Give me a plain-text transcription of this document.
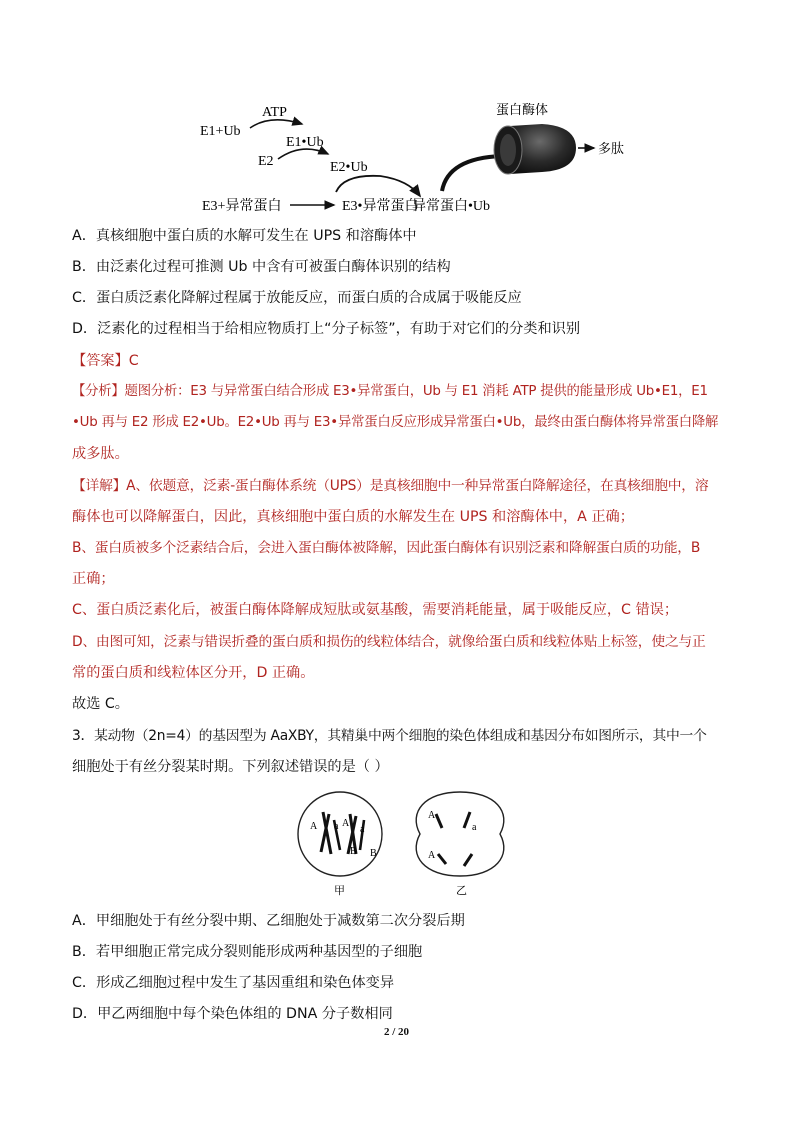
E1+Ub
ATP
E1•Ub
E2	E2•Ub
E3+异常蛋白	E3•异常蛋白
异常蛋白•Ub
蛋白酶体
多肽
A．真核细胞中蛋白质的水解可发生在 UPS 和溶酶体中
B．由泛素化过程可推测 Ub 中含有可被蛋白酶体识别的结构
C．蛋白质泛素化降解过程属于放能反应，而蛋白质的合成属于吸能反应
D．泛素化的过程相当于给相应物质打上“分子标签”，有助于对它们的分类和识别
【答案】C
【分析】题图分析：E3 与异常蛋白结合形成 E3•异常蛋白，Ub 与 E1 消耗 ATP 提供的能量形成 Ub•E1，E1
•Ub 再与 E2 形成 E2•Ub。E2•Ub 再与 E3•异常蛋白反应形成异常蛋白•Ub，最终由蛋白酶体将异常蛋白降解
成多肽。
【详解】A、依题意，泛素-蛋白酶体系统（UPS）是真核细胞中一种异常蛋白降解途径，在真核细胞中，溶
酶体也可以降解蛋白，因此，真核细胞中蛋白质的水解发生在 UPS 和溶酶体中，A 正确；
B、蛋白质被多个泛素结合后，会进入蛋白酶体被降解，因此蛋白酶体有识别泛素和降解蛋白质的功能，B
正确；
C、蛋白质泛素化后，被蛋白酶体降解成短肽或氨基酸，需要消耗能量，属于吸能反应，C 错误；
D、由图可知，泛素与错误折叠的蛋白质和损伤的线粒体结合，就像给蛋白质和线粒体贴上标签，使之与正
常的蛋白质和线粒体区分开，D 正确。
故选 C。
3．某动物（2n=4）的基因型为 AaXBY，其精巢中两个细胞的染色体组成和基因分布如图所示，其中一个
细胞处于有丝分裂某时期。下列叙述错误的是（ ）
A a A
a
B B
甲
A
a
A
乙
A．甲细胞处于有丝分裂中期、乙细胞处于减数第二次分裂后期
B．若甲细胞正常完成分裂则能形成两种基因型的子细胞
C．形成乙细胞过程中发生了基因重组和染色体变异
D．甲乙两细胞中每个染色体组的 DNA 分子数相同
2 / 20
